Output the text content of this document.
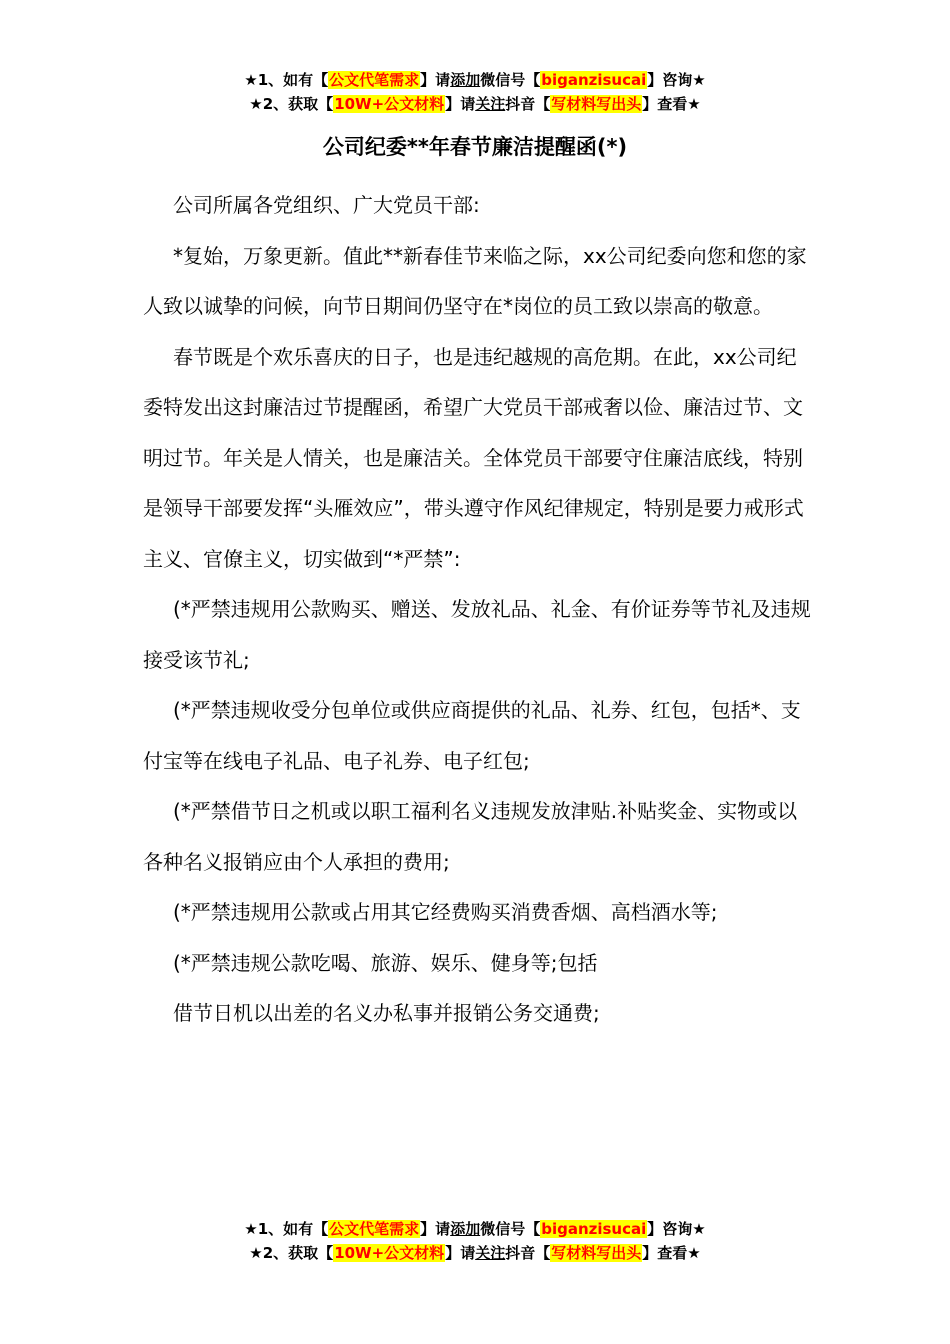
★1、如有【公文代笔需求】请添加微信号【biganzisucai】咨询★
★2、获取【10W+公文材料】请关注抖音【写材料写出头】查看★
公司纪委**年春节廉洁提醒函(*)

公司所属各党组织、广大党员干部:

*复始，万象更新。值此**新春佳节来临之际，xx公司纪委向您和您的家人致以诚挚的问候，向节日期间仍坚守在*岗位的员工致以崇高的敬意。

春节既是个欢乐喜庆的日子，也是违纪越规的高危期。在此，xx公司纪委特发出这封廉洁过节提醒函，希望广大党员干部戒奢以俭、廉洁过节、文明过节。年关是人情关，也是廉洁关。全体党员干部要守住廉洁底线，特别是领导干部要发挥“头雁效应”，带头遵守作风纪律规定，特别是要力戒形式主义、官僚主义，切实做到“*严禁”:

(*严禁违规用公款购买、赠送、发放礼品、礼金、有价证券等节礼及违规接受该节礼;

(*严禁违规收受分包单位或供应商提供的礼品、礼券、红包，包括*、支付宝等在线电子礼品、电子礼券、电子红包;

(*严禁借节日之机或以职工福利名义违规发放津贴.补贴奖金、实物或以各种名义报销应由个人承担的费用;

(*严禁违规用公款或占用其它经费购买消费香烟、高档酒水等;

(*严禁违规公款吃喝、旅游、娱乐、健身等;包括

借节日机以出差的名义办私事并报销公务交通费;

★1、如有【公文代笔需求】请添加微信号【biganzisucai】咨询★
★2、获取【10W+公文材料】请关注抖音【写材料写出头】查看★
